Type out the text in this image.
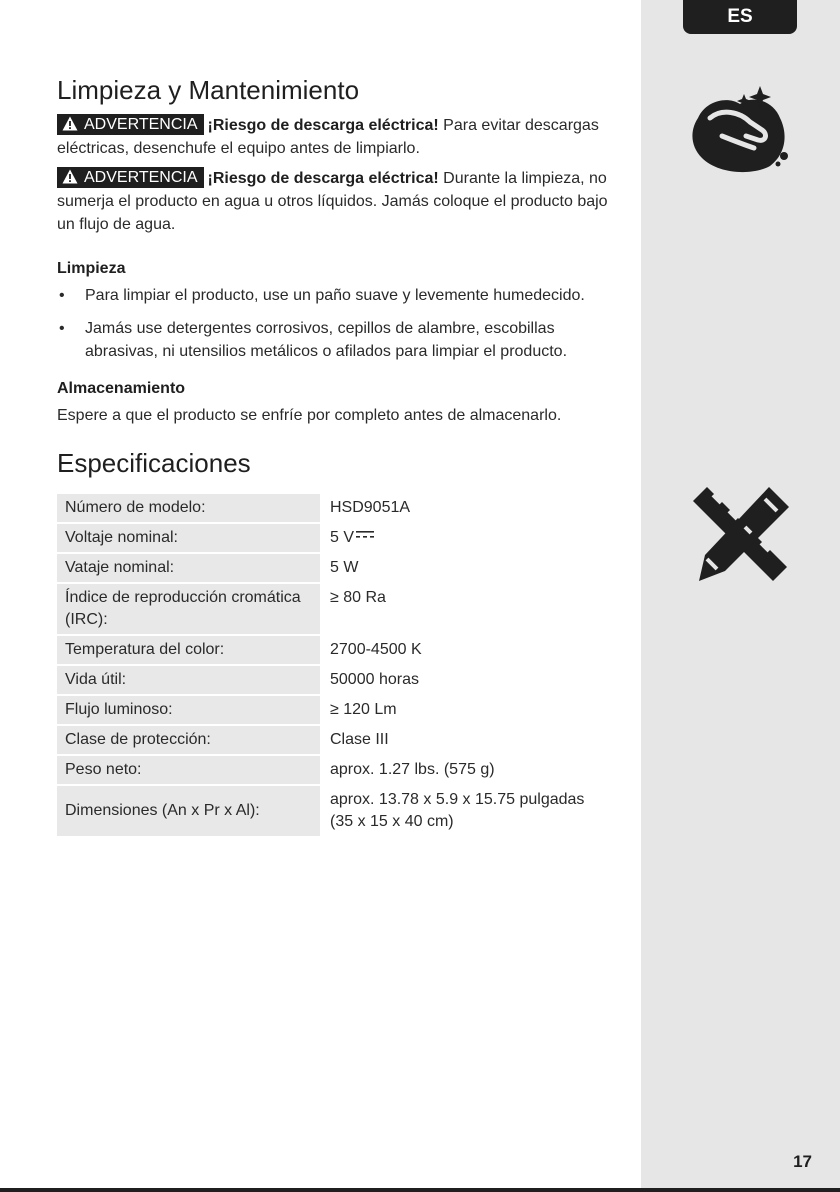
ES
Limpieza y Mantenimiento

ADVERTENCIA ¡Riesgo de descarga eléctrica! Para evitar descargas eléctricas, desenchufe el equipo antes de limpiarlo.

ADVERTENCIA ¡Riesgo de descarga eléctrica! Durante la limpieza, no sumerja el producto en agua u otros líquidos. Jamás coloque el producto bajo un flujo de agua.

Limpieza
• Para limpiar el producto, use un paño suave y levemente humedecido.
• Jamás use detergentes corrosivos, cepillos de alambre, escobillas abrasivas, ni utensilios metálicos o afilados para limpiar el producto.
Almacenamiento

Espere a que el producto se enfríe por completo antes de almacenarlo.

Especificaciones
Número de modelo:	HSD9051A
Voltaje nominal:	5 V
Vataje nominal:	5 W
Índice de reproducción cromática (IRC):	≥ 80 Ra
Temperatura del color:	2700-4500 K
Vida útil:	50000 horas
Flujo luminoso:	≥ 120 Lm
Clase de protección:	Clase III
Peso neto:	aprox. 1.27 lbs. (575 g)
Dimensiones (An x Pr x Al):	aprox. 13.78 x 5.9 x 15.75 pulgadas (35 x 15 x 40 cm)
17
